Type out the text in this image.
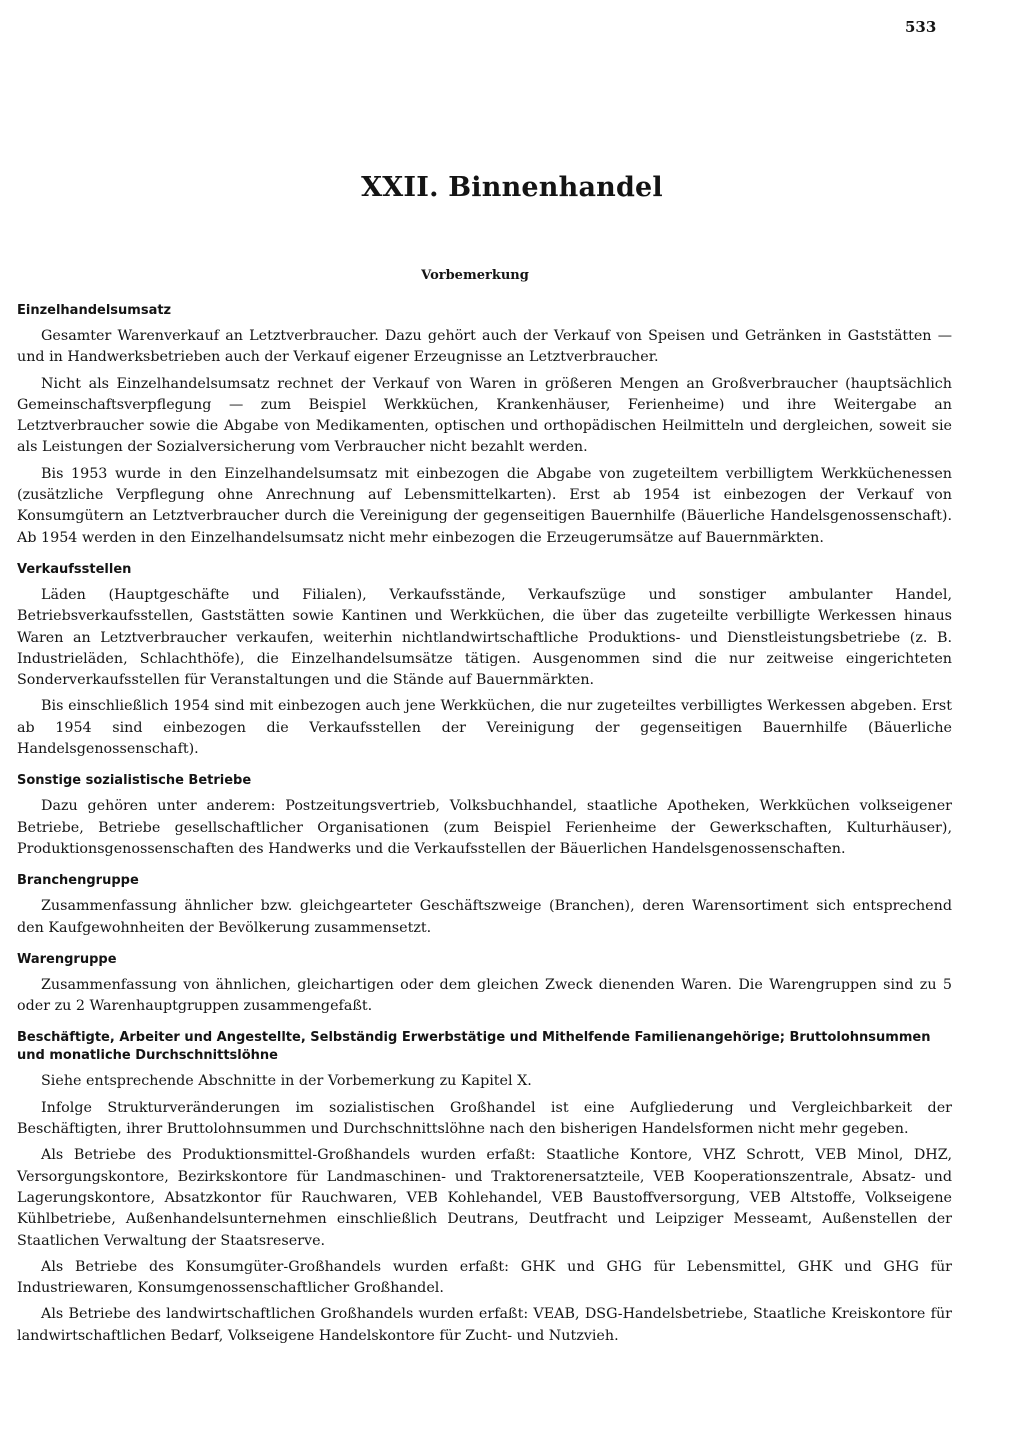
533
XXII. Binnenhandel
Vorbemerkung
Einzelhandelsumsatz

Gesamter Warenverkauf an Letztverbraucher. Dazu gehört auch der Verkauf von Speisen und Getränken in Gaststätten — und in Handwerksbetrieben auch der Verkauf eigener Erzeugnisse an Letztverbraucher.

Nicht als Einzelhandelsumsatz rechnet der Verkauf von Waren in größeren Mengen an Großverbraucher (hauptsächlich Gemeinschaftsverpflegung — zum Beispiel Werkküchen, Krankenhäuser, Ferienheime) und ihre Weitergabe an Letztverbraucher sowie die Abgabe von Medikamenten, optischen und orthopädischen Heilmitteln und dergleichen, soweit sie als Leistungen der Sozialversicherung vom Verbraucher nicht bezahlt werden.

Bis 1953 wurde in den Einzelhandelsumsatz mit einbezogen die Abgabe von zugeteiltem verbilligtem Werkküchenessen (zusätzliche Verpflegung ohne Anrechnung auf Lebensmittelkarten). Erst ab 1954 ist einbezogen der Verkauf von Konsumgütern an Letztverbraucher durch die Vereinigung der gegenseitigen Bauernhilfe (Bäuerliche Handelsgenossenschaft). Ab 1954 werden in den Einzelhandelsumsatz nicht mehr einbezogen die Erzeugerumsätze auf Bauernmärkten.

Verkaufsstellen

Läden (Hauptgeschäfte und Filialen), Verkaufsstände, Verkaufszüge und sonstiger ambulanter Handel, Betriebsverkaufsstellen, Gaststätten sowie Kantinen und Werkküchen, die über das zugeteilte verbilligte Werkessen hinaus Waren an Letztverbraucher verkaufen, weiterhin nichtlandwirtschaftliche Produktions- und Dienstleistungsbetriebe (z. B. Industrieläden, Schlachthöfe), die Einzelhandelsumsätze tätigen. Ausgenommen sind die nur zeitweise eingerichteten Sonderverkaufsstellen für Veranstaltungen und die Stände auf Bauernmärkten.

Bis einschließlich 1954 sind mit einbezogen auch jene Werkküchen, die nur zugeteiltes verbilligtes Werkessen abgeben. Erst ab 1954 sind einbezogen die Verkaufsstellen der Vereinigung der gegenseitigen Bauernhilfe (Bäuerliche Handelsgenossenschaft).

Sonstige sozialistische Betriebe

Dazu gehören unter anderem: Postzeitungsvertrieb, Volksbuchhandel, staatliche Apotheken, Werkküchen volkseigener Betriebe, Betriebe gesellschaftlicher Organisationen (zum Beispiel Ferienheime der Gewerkschaften, Kulturhäuser), Produktionsgenossenschaften des Handwerks und die Verkaufsstellen der Bäuerlichen Handelsgenossenschaften.

Branchengruppe

Zusammenfassung ähnlicher bzw. gleichgearteter Geschäftszweige (Branchen), deren Warensortiment sich entsprechend den Kaufgewohnheiten der Bevölkerung zusammensetzt.

Warengruppe

Zusammenfassung von ähnlichen, gleichartigen oder dem gleichen Zweck dienenden Waren. Die Warengruppen sind zu 5 oder zu 2 Warenhauptgruppen zusammengefaßt.

Beschäftigte, Arbeiter und Angestellte, Selbständig Erwerbstätige und Mithelfende Familienangehörige; Bruttolohnsummen und monatliche Durchschnittslöhne

Siehe entsprechende Abschnitte in der Vorbemerkung zu Kapitel X.

Infolge Strukturveränderungen im sozialistischen Großhandel ist eine Aufgliederung und Vergleichbarkeit der Beschäftigten, ihrer Bruttolohnsummen und Durchschnittslöhne nach den bisherigen Handelsformen nicht mehr gegeben.

Als Betriebe des Produktionsmittel-Großhandels wurden erfaßt: Staatliche Kontore, VHZ Schrott, VEB Minol, DHZ, Versorgungskontore, Bezirkskontore für Landmaschinen- und Traktorenersatzteile, VEB Kooperationszentrale, Absatz- und Lagerungskontore, Absatzkontor für Rauchwaren, VEB Kohlehandel, VEB Baustoffversorgung, VEB Altstoffe, Volkseigene Kühlbetriebe, Außenhandelsunternehmen einschließlich Deutrans, Deutfracht und Leipziger Messeamt, Außenstellen der Staatlichen Verwaltung der Staatsreserve.

Als Betriebe des Konsumgüter-Großhandels wurden erfaßt: GHK und GHG für Lebensmittel, GHK und GHG für Industriewaren, Konsumgenossenschaftlicher Großhandel.

Als Betriebe des landwirtschaftlichen Großhandels wurden erfaßt: VEAB, DSG-Handelsbetriebe, Staatliche Kreiskontore für landwirtschaftlichen Bedarf, Volkseigene Handelskontore für Zucht- und Nutzvieh.
